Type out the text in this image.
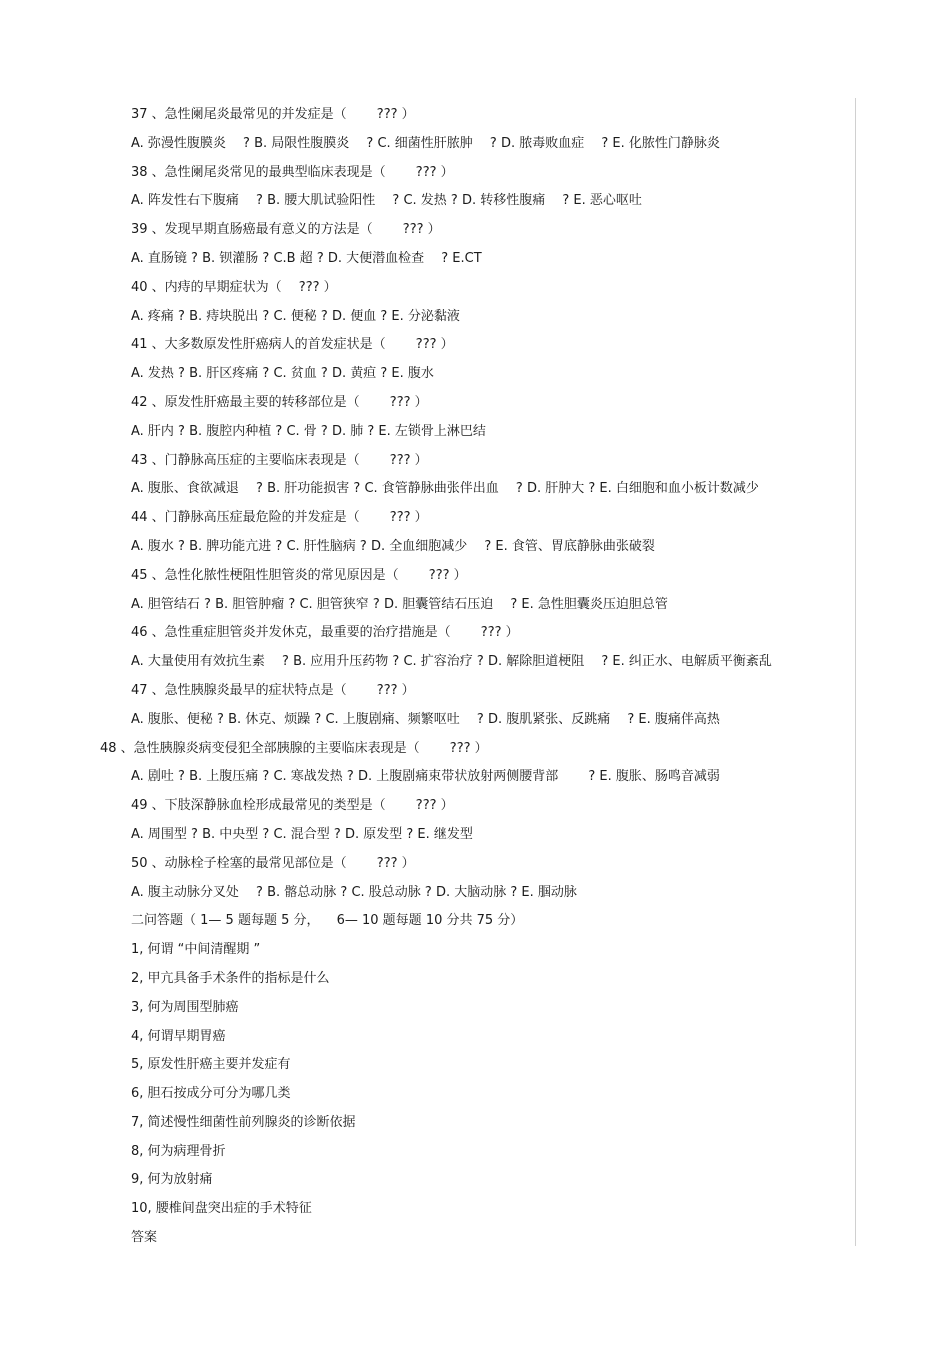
37 、急性阑尾炎最常见的并发症是（ 　　??? ）
A. 弥漫性腹膜炎 　? B. 局限性腹膜炎 　? C. 细菌性肝脓肿 　? D. 脓毒败血症 　? E. 化脓性门静脉炎
38 、急性阑尾炎常见的最典型临床表现是（ 　　??? ）
A. 阵发性右下腹痛 　? B. 腰大肌试验阳性 　? C. 发热 ? D. 转移性腹痛 　? E. 恶心呕吐
39 、发现早期直肠癌最有意义的方法是（ 　　??? ）
A. 直肠镜 ? B. 钡灌肠 ? C.B 超 ? D. 大便潜血检查 　? E.CT
40 、内痔的早期症状为（ 　??? ）
A. 疼痛 ? B. 痔块脱出 ? C. 便秘 ? D. 便血 ? E. 分泌黏液
41 、大多数原发性肝癌病人的首发症状是（ 　　??? ）
A. 发热 ? B. 肝区疼痛 ? C. 贫血 ? D. 黄疸 ? E. 腹水
42 、原发性肝癌最主要的转移部位是（ 　　??? ）
A. 肝内 ? B. 腹腔内种植 ? C. 骨 ? D. 肺 ? E. 左锁骨上淋巴结
43 、门静脉高压症的主要临床表现是（ 　　??? ）
A. 腹胀、食欲减退 　? B. 肝功能损害 ? C. 食管静脉曲张伴出血 　? D. 肝肿大 ? E. 白细胞和血小板计数减少
44 、门静脉高压症最危险的并发症是（ 　　??? ）
A. 腹水 ? B. 脾功能亢进 ? C. 肝性脑病 ? D. 全血细胞减少 　? E. 食管、胃底静脉曲张破裂
45 、急性化脓性梗阻性胆管炎的常见原因是（ 　　??? ）
A. 胆管结石 ? B. 胆管肿瘤 ? C. 胆管狭窄 ? D. 胆囊管结石压迫 　? E. 急性胆囊炎压迫胆总管
46 、急性重症胆管炎并发休克，最重要的治疗措施是（ 　　??? ）
A. 大量使用有效抗生素 　? B. 应用升压药物 ? C. 扩容治疗 ? D. 解除胆道梗阻 　? E. 纠正水、电解质平衡紊乱
47 、急性胰腺炎最早的症状特点是（ 　　??? ）
A. 腹胀、便秘 ? B. 休克、烦躁 ? C. 上腹剧痛、频繁呕吐 　? D. 腹肌紧张、反跳痛 　? E. 腹痛伴高热
48 、急性胰腺炎病变侵犯全部胰腺的主要临床表现是（ 　　??? ）
A. 剧吐 ? B. 上腹压痛 ? C. 寒战发热 ? D. 上腹剧痛束带状放射两侧腰背部 　　? E. 腹胀、肠鸣音减弱
49 、下肢深静脉血栓形成最常见的类型是（ 　　??? ）
A. 周围型 ? B. 中央型 ? C. 混合型 ? D. 原发型 ? E. 继发型
50 、动脉栓子栓塞的最常见部位是（ 　　??? ）
A. 腹主动脉分叉处 　? B. 髂总动脉 ? C. 股总动脉 ? D. 大脑动脉 ? E. 腘动脉
二问答题（ 1— 5 题每题 5 分， 　6— 10 题每题 10 分共 75 分）
1, 何谓 “中间清醒期 ”
2, 甲亢具备手术条件的指标是什么
3, 何为周围型肺癌
4, 何谓早期胃癌
5, 原发性肝癌主要并发症有
6, 胆石按成分可分为哪几类
7, 简述慢性细菌性前列腺炎的诊断依据
8, 何为病理骨折
9, 何为放射痛
10, 腰椎间盘突出症的手术特征
答案
